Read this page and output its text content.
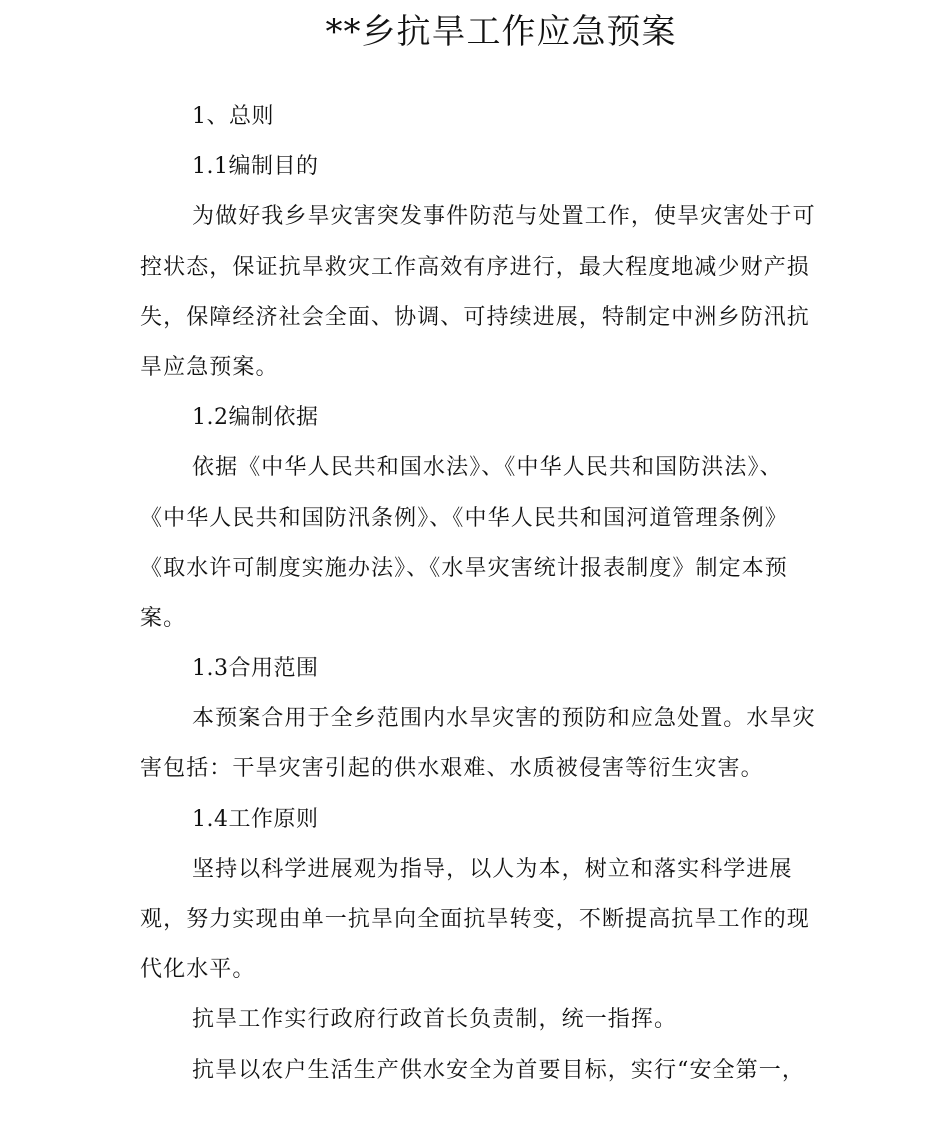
**乡抗旱工作应急预案
1、总则
1.1编制目的
为做好我乡旱灾害突发事件防范与处置工作，使旱灾害处于可
控状态，保证抗旱救灾工作高效有序进行，最大程度地减少财产损
失，保障经济社会全面、协调、可持续进展，特制定中洲乡防汛抗
旱应急预案。
1.2编制依据
依据《中华人民共和国水法》、《中华人民共和国防洪法》、
《中华人民共和国防汛条例》、《中华人民共和国河道管理条例》
《取水许可制度实施办法》、《水旱灾害统计报表制度》制定本预
案。
1.3合用范围
本预案合用于全乡范围内水旱灾害的预防和应急处置。水旱灾
害包括：干旱灾害引起的供水艰难、水质被侵害等衍生灾害。
1.4工作原则
坚持以科学进展观为指导，以人为本，树立和落实科学进展
观，努力实现由单一抗旱向全面抗旱转变，不断提高抗旱工作的现
代化水平。
抗旱工作实行政府行政首长负责制，统一指挥。
抗旱以农户生活生产供水安全为首要目标，实行“安全第一，
